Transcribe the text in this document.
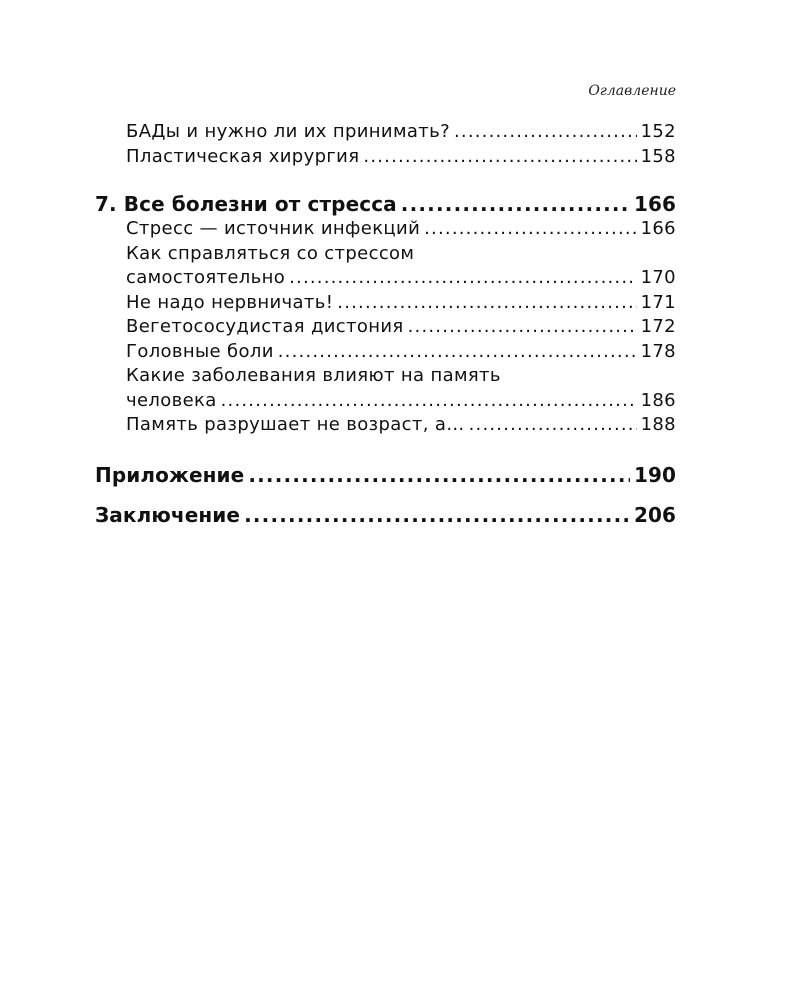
Оглавление
БАДы и нужно ли их принимать? .....	152
Пластическая хирургия .....	158
7. Все болезни от стресса .....	166
Стресс — источник инфекций .....	166
Как справляться со стрессом
самостоятельно .....	170
Не надо нервничать! .....	171
Вегетососудистая дистония .....	172
Головные боли .....	178
Какие заболевания влияют на память
человека .....	186
Память разрушает не возраст, а… .....	188
Приложение .....	190
Заключение .....	206
